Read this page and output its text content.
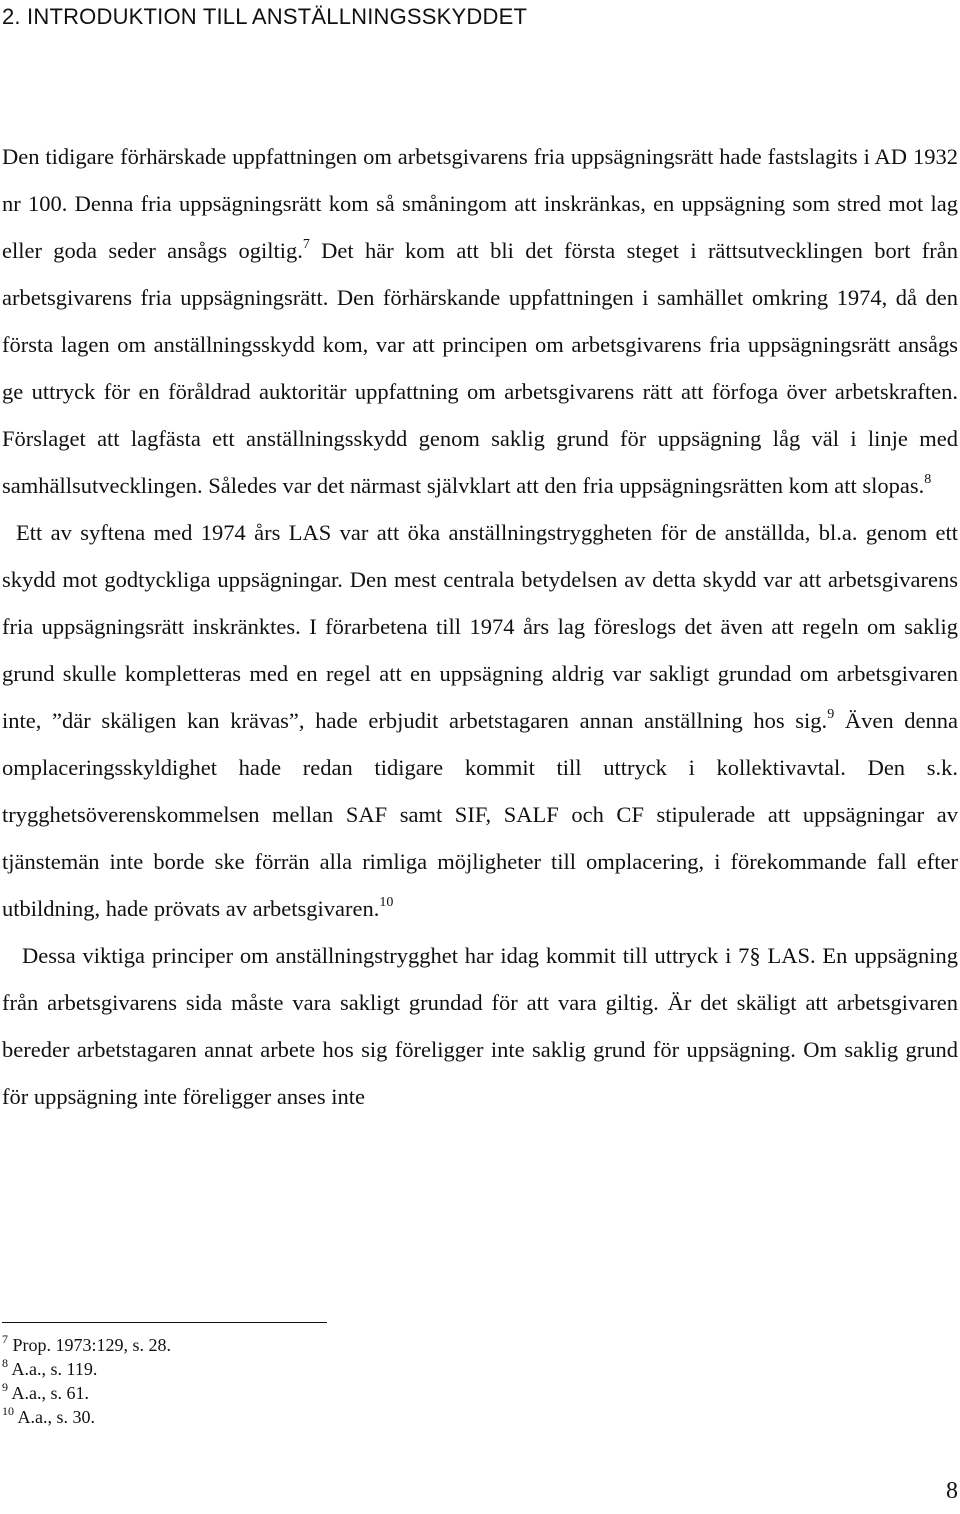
2. INTRODUKTION TILL ANSTÄLLNINGSSKYDDET

Den tidigare förhärskade uppfattningen om arbetsgivarens fria uppsägningsrätt hade fastslagits i AD 1932 nr 100. Denna fria uppsägningsrätt kom så småningom att inskränkas, en uppsägning som stred mot lag eller goda seder ansågs ogiltig.$^7$ Det här kom att bli det första steget i rättsutvecklingen bort från arbetsgivarens fria uppsägningsrätt. Den förhärskande uppfattningen i samhället omkring 1974, då den första lagen om anställningsskydd kom, var att principen om arbetsgivarens fria uppsägningsrätt ansågs ge uttryck för en föråldrad auktoritär uppfattning om arbetsgivarens rätt att förfoga över arbetskraften. Förslaget att lagfästa ett anställningsskydd genom saklig grund för uppsägning låg väl i linje med samhällsutvecklingen. Således var det närmast självklart att den fria uppsägningsrätten kom att slopas.$^8$

Ett av syftena med 1974 års LAS var att öka anställningstryggheten för de anställda, bl.a. genom ett skydd mot godtyckliga uppsägningar. Den mest centrala betydelsen av detta skydd var att arbetsgivarens fria uppsägningsrätt inskränktes. I förarbetena till 1974 års lag föreslogs det även att regeln om saklig grund skulle kompletteras med en regel att en uppsägning aldrig var sakligt grundad om arbetsgivaren inte, ”där skäligen kan krävas”, hade erbjudit arbetstagaren annan anställning hos sig.$^9$ Även denna omplaceringsskyldighet hade redan tidigare kommit till uttryck i kollektivavtal. Den s.k. trygghetsöverenskommelsen mellan SAF samt SIF, SALF och CF stipulerade att uppsägningar av tjänstemän inte borde ske förrän alla rimliga möjligheter till omplacering, i förekommande fall efter utbildning, hade prövats av arbetsgivaren.$^{10}$

Dessa viktiga principer om anställningstrygghet har idag kommit till uttryck i 7§ LAS. En uppsägning från arbetsgivarens sida måste vara sakligt grundad för att vara giltig. Är det skäligt att arbetsgivaren bereder arbetstagaren annat arbete hos sig föreligger inte saklig grund för uppsägning. Om saklig grund för uppsägning inte föreligger anses inte

$^7$ Prop. 1973:129, s. 28.
$^8$ A.a., s. 119.
$^9$ A.a., s. 61.
$^{10}$ A.a., s. 30.
8
